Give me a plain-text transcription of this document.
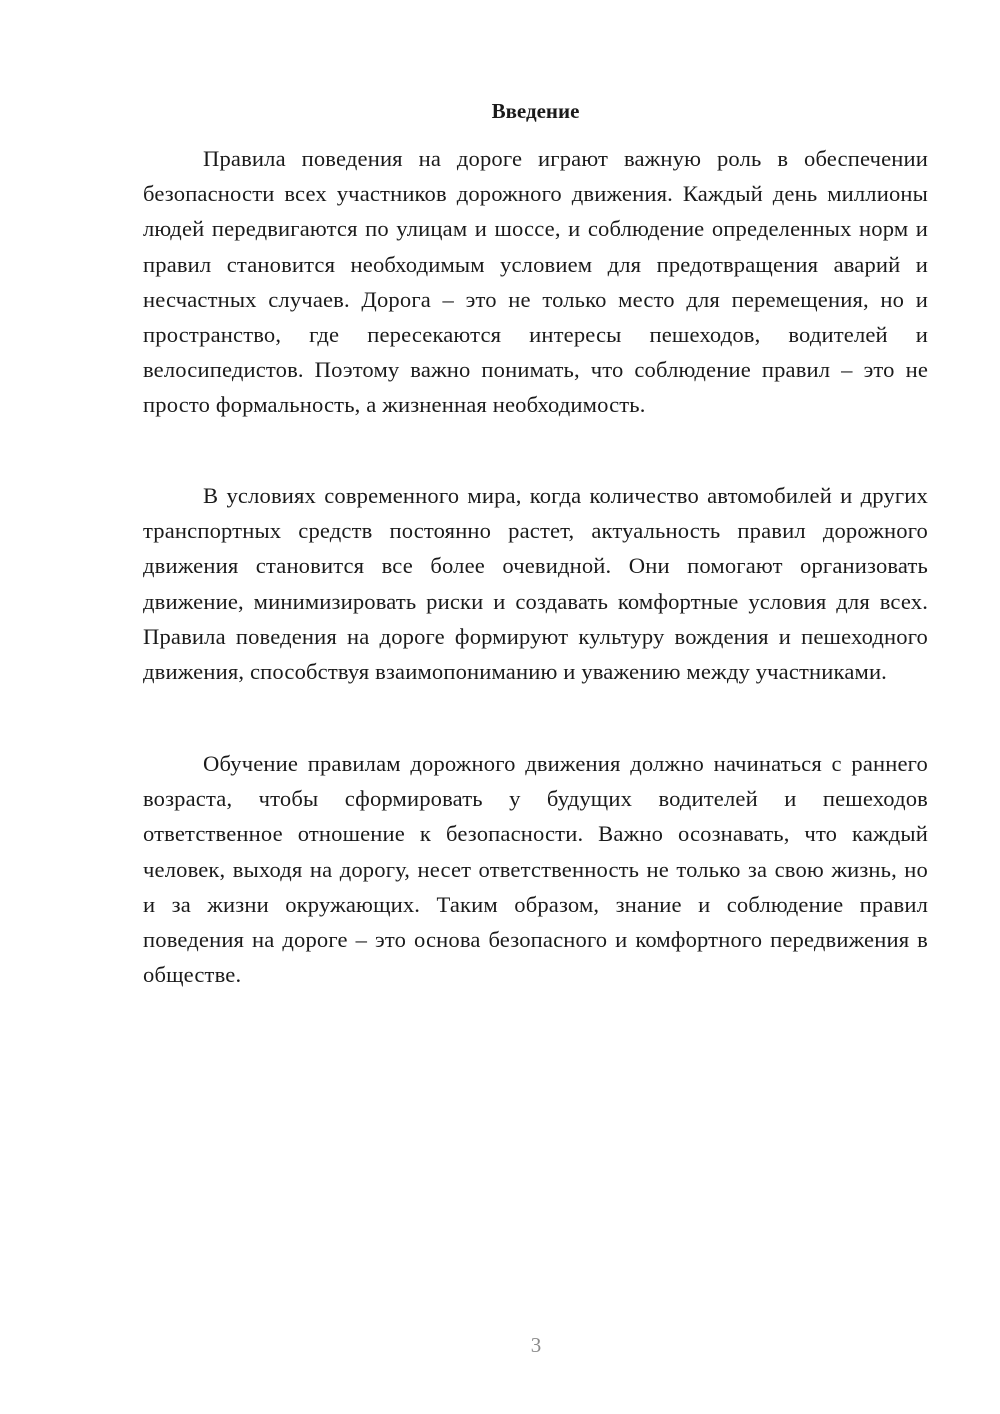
Введение

Правила поведения на дороге играют важную роль в обеспечении безопасности всех участников дорожного движения. Каждый день миллионы людей передвигаются по улицам и шоссе, и соблюдение определенных норм и правил становится необходимым условием для предотвращения аварий и несчастных случаев. Дорога – это не только место для перемещения, но и пространство, где пересекаются интересы пешеходов, водителей и велосипедистов. Поэтому важно понимать, что соблюдение правил – это не просто формальность, а жизненная необходимость.

В условиях современного мира, когда количество автомобилей и других транспортных средств постоянно растет, актуальность правил дорожного движения становится все более очевидной. Они помогают организовать движение, минимизировать риски и создавать комфортные условия для всех. Правила поведения на дороге формируют культуру вождения и пешеходного движения, способствуя взаимопониманию и уважению между участниками.

Обучение правилам дорожного движения должно начинаться с раннего возраста, чтобы сформировать у будущих водителей и пешеходов ответственное отношение к безопасности. Важно осознавать, что каждый человек, выходя на дорогу, несет ответственность не только за свою жизнь, но и за жизни окружающих. Таким образом, знание и соблюдение правил поведения на дороге – это основа безопасного и комфортного передвижения в обществе.

3
